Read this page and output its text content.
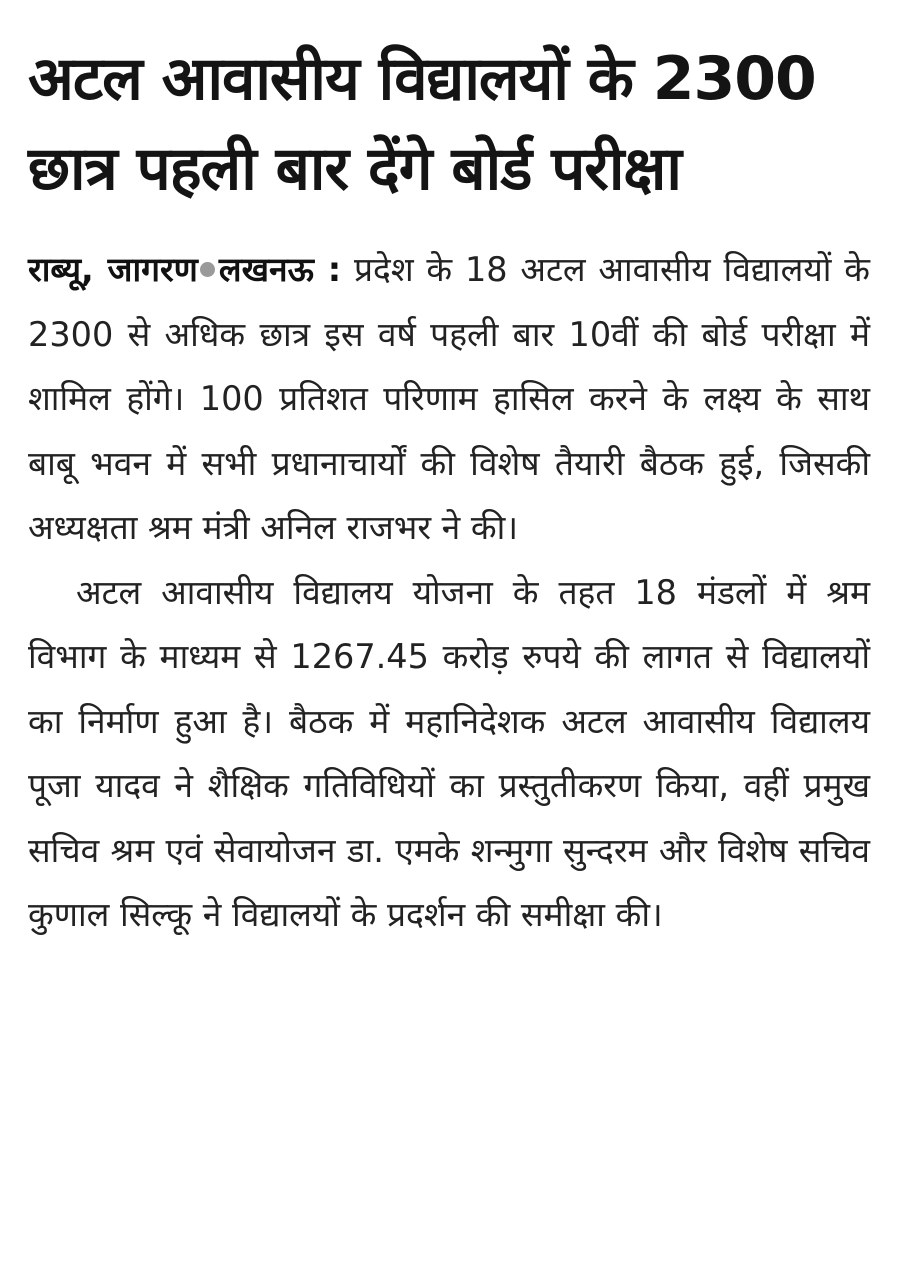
अटल आवासीय विद्यालयों के 2300
छात्र पहली बार देंगे बोर्ड परीक्षा

राब्यू, जागरण लखनऊ : प्रदेश के 18 अटल आवासीय विद्यालयों के 2300 से अधिक छात्र इस वर्ष पहली बार 10वीं की बोर्ड परीक्षा में शामिल होंगे। 100 प्रतिशत परिणाम हासिल करने के लक्ष्य के साथ बाबू भवन में सभी प्रधानाचार्यों की विशेष तैयारी बैठक हुई, जिसकी अध्यक्षता श्रम मंत्री अनिल राजभर ने की।

अटल आवासीय विद्यालय योजना के तहत 18 मंडलों में श्रम विभाग के माध्यम से 1267.45 करोड़ रुपये की लागत से विद्यालयों का निर्माण हुआ है। बैठक में महानिदेशक अटल आवासीय विद्यालय पूजा यादव ने शैक्षिक गतिविधियों का प्रस्तुतीकरण किया, वहीं प्रमुख सचिव श्रम एवं सेवायोजन डा. एमके शन्मुगा सुन्दरम और विशेष सचिव कुणाल सिल्कू ने विद्यालयों के प्रदर्शन की समीक्षा की।
